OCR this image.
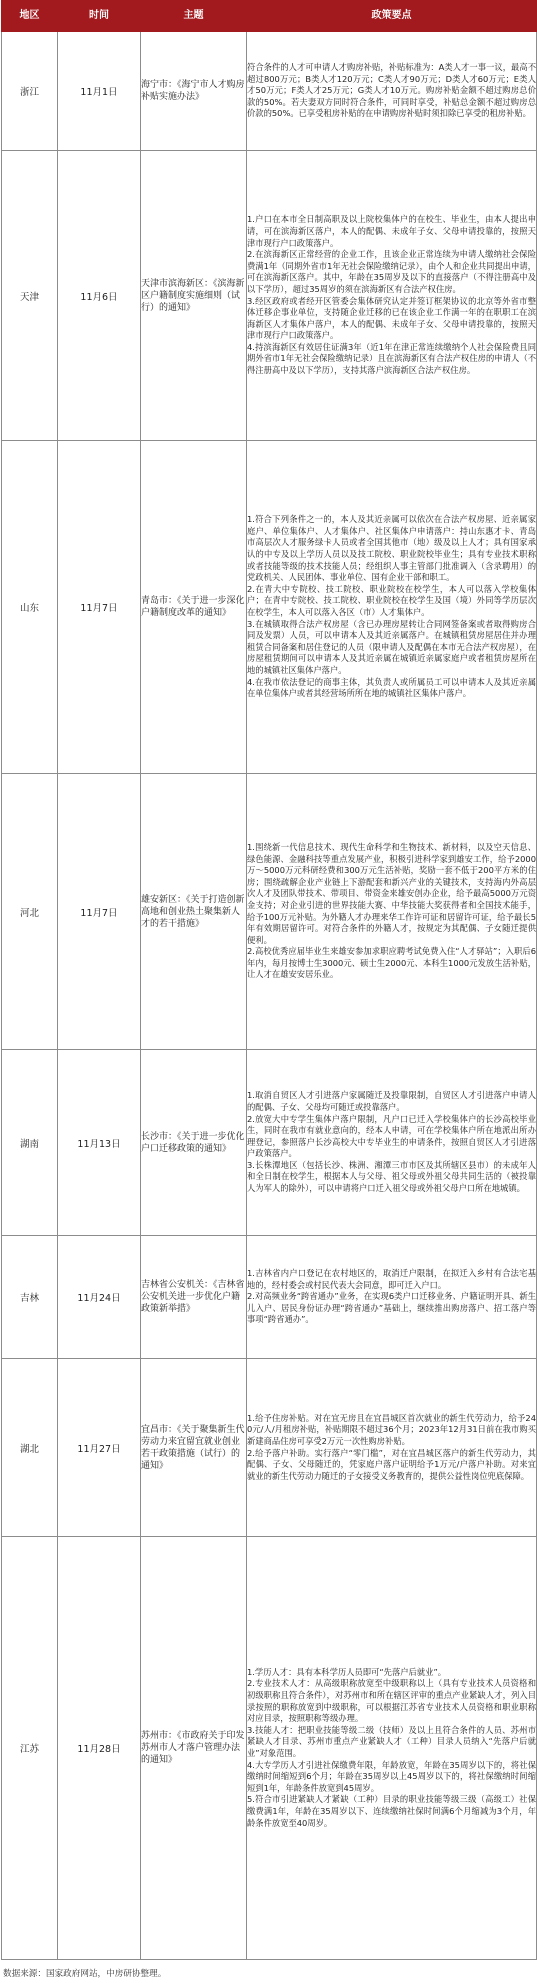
地区	时间	主题	政策要点
浙江	11月1日	海宁市：《海宁市人才购房补贴实施办法》	符合条件的人才可申请人才购房补贴，补贴标准为：A类人才一事一议，最高不超过800万元；B类人才120万元；C类人才90万元；D类人才60万元；E类人才50万元；F类人才25万元；G类人才10万元。购房补贴金额不超过购房总价款的50%。若夫妻双方同时符合条件，可同时享受，补贴总金额不超过购房总价款的50%。已享受租房补贴的在申请购房补贴时须扣除已享受的租房补贴。

天津	11月6日	天津市滨海新区：《滨海新区户籍制度实施细则（试行）的通知》	1.户口在本市全日制高职及以上院校集体户的在校生、毕业生，由本人提出申请，可在滨海新区落户，本人的配偶、未成年子女、父母申请投靠的，按照天津市现行户口政策落户。
2.在滨海新区正常经营的企业工作，且该企业正常连续为申请人缴纳社会保险费满1年（同期外省市1年无社会保险缴纳记录），由个人和企业共同提出申请，可在滨海新区落户。其中，年龄在35周岁及以下的直接落户（不得注册高中及以下学历），超过35周岁的须在滨海新区有合法产权住房。
3.经区政府或者经开区管委会集体研究认定并签订框架协议的北京等外省市整体迁移企事业单位，支持随企业迁移的已在该企业工作满一年的在职职工在滨海新区人才集体户落户，本人的配偶、未成年子女、父母申请投靠的，按照天津市现行户口政策落户。
4.持滨海新区有效居住证满3年（近1年在津正常连续缴纳个人社会保险费且同期外省市1年无社会保险缴纳记录）且在滨海新区有合法产权住房的申请人（不得注册高中及以下学历），支持其落户滨海新区合法产权住房。

山东	11月7日	青岛市：《关于进一步深化户籍制度改革的通知》	1.符合下列条件之一的，本人及其近亲属可以依次在合法产权房屋、近亲属家庭户、单位集体户、人才集体户、社区集体户申请落户：持山东惠才卡、青岛市高层次人才服务绿卡人员或者全国其他市（地）级及以上人才；具有国家承认的中专及以上学历人员以及技工院校、职业院校毕业生；具有专业技术职称或者技能等级的技术技能人员；经组织人事主管部门批准调入（含录聘用）的党政机关、人民团体、事业单位、国有企业干部和职工。
2.在青大中专院校、技工院校、职业院校在校学生，本人可以落入学校集体户；在青中专院校、技工院校、职业院校在校学生及国（境）外同等学历层次在校学生，本人可以落入各区（市）人才集体户。
3.在城镇取得合法产权房屋（含已办理房屋转让合同网签备案或者取得购房合同及发票）人员，可以申请本人及其近亲属落户。在城镇租赁房屋居住并办理租赁合同备案和居住登记的人员（限申请人及配偶在本市无合法产权房屋），在房屋租赁期间可以申请本人及其近亲属在城镇近亲属家庭户或者租赁房屋所在地的城镇社区集体户落户。
4.在我市依法登记的商事主体，其负责人或所属员工可以申请本人及其近亲属在单位集体户或者其经营场所所在地的城镇社区集体户落户。

河北	11月7日	雄安新区：《关于打造创新高地和创业热土聚集新人才的若干措施》	1.围绕新一代信息技术、现代生命科学和生物技术、新材料，以及空天信息、绿色能源、金融科技等重点发展产业，积极引进科学家到雄安工作，给予2000万～5000万元科研经费和300万元生活补贴，奖励一套不低于200平方米的住房；围绕疏解企业产业链上下游配套和新兴产业的关键技术，支持海内外高层次人才及团队带技术、带项目、带资金来雄安创办企业，给予最高5000万元资金支持；对企业引进的世界技能大赛、中华技能大奖获得者和全国技术能手，给予100万元补贴。为外籍人才办理来华工作许可证和居留许可证，给予最长5年有效期居留许可。对符合条件的外籍人才，按规定为其配偶、子女随迁提供便利。
2.高校优秀应届毕业生来雄安参加求职应聘考试免费入住“人才驿站”；入职后6年内，每月按博士生3000元、硕士生2000元、本科生1000元发放生活补贴，让人才在雄安安居乐业。

湖南	11月13日	长沙市：《关于进一步优化户口迁移政策的通知》	1.取消自贸区人才引进落户家属随迁及投靠限制，自贸区人才引进落户申请人的配偶、子女、父母均可随迁或投靠落户。
2.放宽大中专学生集体户落户限制，凡户口已迁入学校集体户的长沙高校毕业生，同时在我市有就业意向的，经本人申请，可在学校集体户所在地派出所办理登记，参照落户长沙高校大中专毕业生的申请条件，按照自贸区人才引进落户政策落户。
3.长株潭地区（包括长沙、株洲、湘潭三市市区及其所辖区县市）的未成年人和全日制在校学生，根据本人与父母、祖父母或外祖父母共同生活的（被投靠人为军人的除外），可以申请将户口迁入祖父母或外祖父母户口所在地城镇。

吉林	11月24日	吉林省公安机关：《吉林省公安机关进一步优化户籍政策新举措》	1.吉林省内户口登记在农村地区的，取消迁户限制，在拟迁入乡村有合法宅基地的，经村委会或村民代表大会同意，即可迁入户口。
2.对高频业务“跨省通办”业务，在实现6类户口迁移业务、户籍证明开具、新生儿入户、居民身份证办理“跨省通办”基础上，继续推出购房落户、招工落户等事项“跨省通办”。

湖北	11月27日	宜昌市：《关于聚集新生代劳动力来宜留宜就业创业若干政策措施（试行）的通知》	1.给予住房补贴。对在宜无房且在宜昌城区首次就业的新生代劳动力，给予240元/人/月租房补贴，补贴期限不超过36个月；2023年12月31日前在我市购买新建商品住房可享受2万元一次性购房补贴。
2.给予落户补助。实行落户“零门槛”，对在宜昌城区落户的新生代劳动力，其配偶、子女、父母随迁的，凭家庭户落户证明给予1万元/户落户补助。对来宜就业的新生代劳动力随迁的子女接受义务教育的，提供公益性岗位兜底保障。

江苏	11月28日	苏州市：《市政府关于印发苏州市人才落户管理办法的通知》	1.学历人才：具有本科学历人员即可“先落户后就业”。
2.专业技术人才：从高级职称放宽至中级职称以上（具有专业技术人员资格和初级职称且符合条件），对苏州市和所在辖区评审的重点产业紧缺人才，列入目录按照的职称放宽到中级职称，可以根据江苏省专业技术人员资格和职业职称对应目录，按照职称等级办理。
3.技能人才：把职业技能等级二级（技师）及以上且符合条件的人员、苏州市紧缺人才目录、苏州市重点产业紧缺人才（工种）目录人员纳入“先落户后就业”对象范围。
4.大专学历人才引进社保缴费年限，年龄放宽，年龄在35周岁以下的，将社保缴纳时间缩短到6个月；年龄在35周岁以上45周岁以下的，将社保缴纳时间缩短到1年，年龄条件放宽到45周岁。
5.符合市引进紧缺人才紧缺（工种）目录的职业技能等级三级（高级工）社保缴费满1年，年龄在35周岁以下、连续缴纳社保时间满6个月缩减为3个月，年龄条件放宽至40周岁。
数据来源：国家政府网站，中房研协整理。
